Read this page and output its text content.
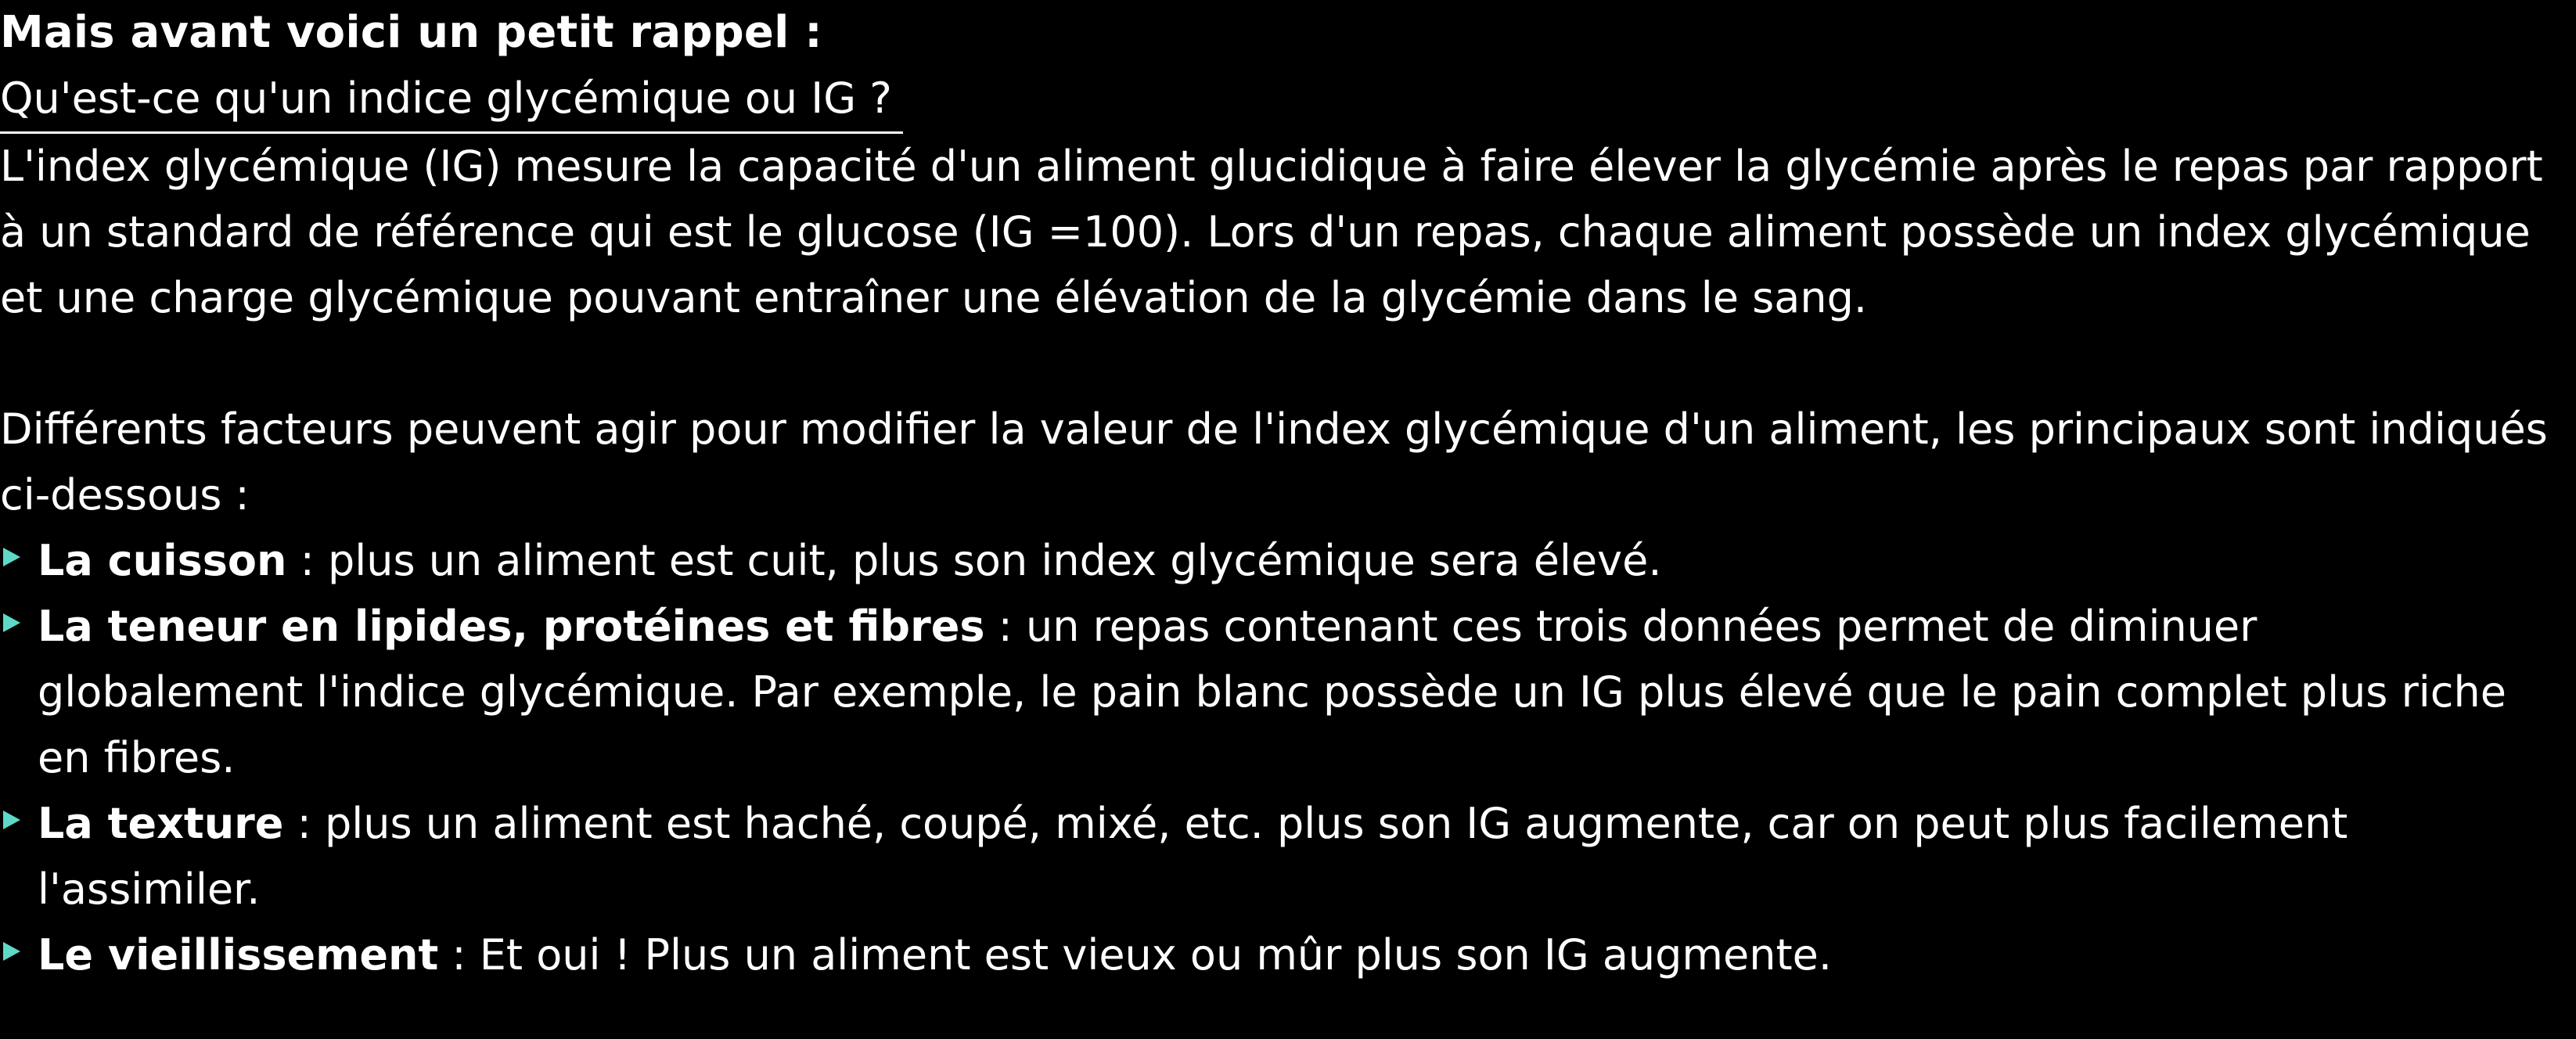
Mais avant voici un petit rappel :
Qu'est-ce qu'un indice glycémique ou IG ?
L'index glycémique (IG) mesure la capacité d'un aliment glucidique à faire élever la glycémie après le repas par rapport à un standard de référence qui est le glucose (IG =100). Lors d'un repas, chaque aliment possède un index glycémique et une charge glycémique pouvant entraîner une élévation de la glycémie dans le sang.
Différents facteurs peuvent agir pour modifier la valeur de l'index glycémique d'un aliment, les principaux sont indiqués ci-dessous :
La cuisson : plus un aliment est cuit, plus son index glycémique sera élevé.
La teneur en lipides, protéines et fibres : un repas contenant ces trois données permet de diminuer
globalement l'indice glycémique. Par exemple, le pain blanc possède un IG plus élevé que le pain complet plus riche en fibres.
La texture : plus un aliment est haché, coupé, mixé, etc. plus son IG augmente, car on peut plus facilement
l'assimiler.
Le vieillissement : Et oui ! Plus un aliment est vieux ou mûr plus son IG augmente.
